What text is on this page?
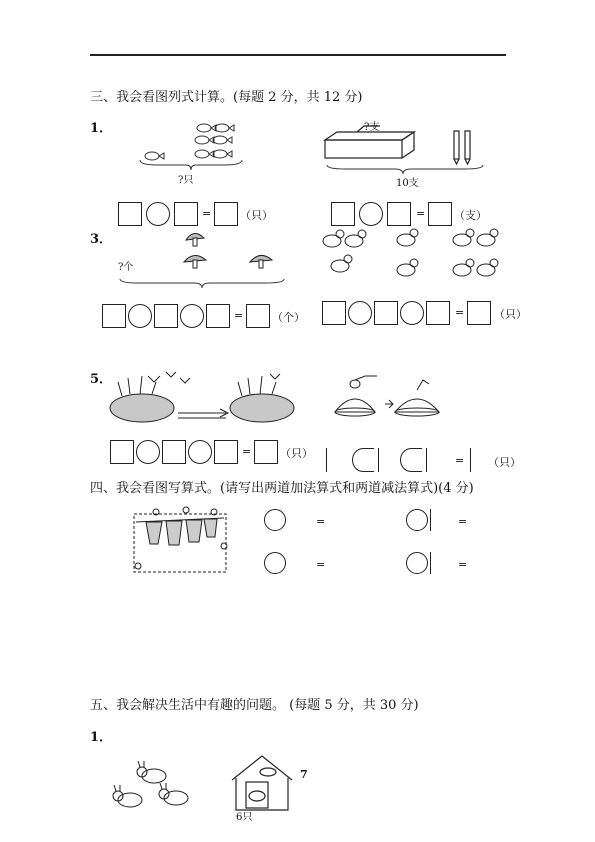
三、我会看图列式计算。(每题 2 分，共 12 分)
1．
?只
?支
10支
=	（只）	=	（支）
3．
?个
=	（个）	=	（只）
5．
=	（只）
= （只）
四、我会看图写算式。(请写出两道加法算式和两道减法算式)(4 分)
=	=
=	=
五、我会解决生活中有趣的问题。 (每题 5 分，共 30 分)
1．
7
6只
